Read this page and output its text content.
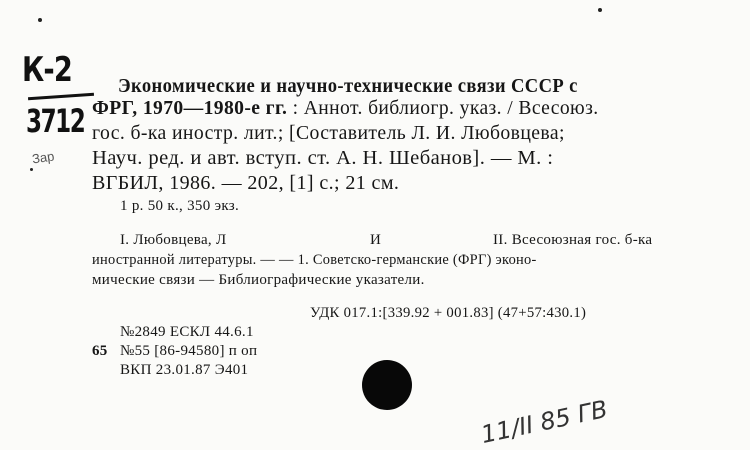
К-2
3712
Зар
Экономические и научно-технические связи СССР с
ФРГ, 1970—1980-е гг. : Аннот. библиогр. указ. / Всесоюз.
гос. б-ка иностр. лит.; [Составитель Л. И. Любовцева;
Науч. ред. и авт. вступ. ст. А. Н. Шебанов]. — М. :
ВГБИЛ, 1986. — 202, [1] с.; 21 см.
1 р. 50 к., 350 экз.
I. Любовцева, Л	И	II. Всесоюзная гос. б-ка
иностранной литературы. — — 1. Советско-германские (ФРГ) эконо-
мические связи — Библиографические указатели.
УДК 017.1:[339.92 + 001.83] (47+57:430.1)
№2849 ЕСКЛ 44.6.1
65 №55 [86-94580] п оп
ВКП 23.01.87 Э401
11/II 85 ГВ
